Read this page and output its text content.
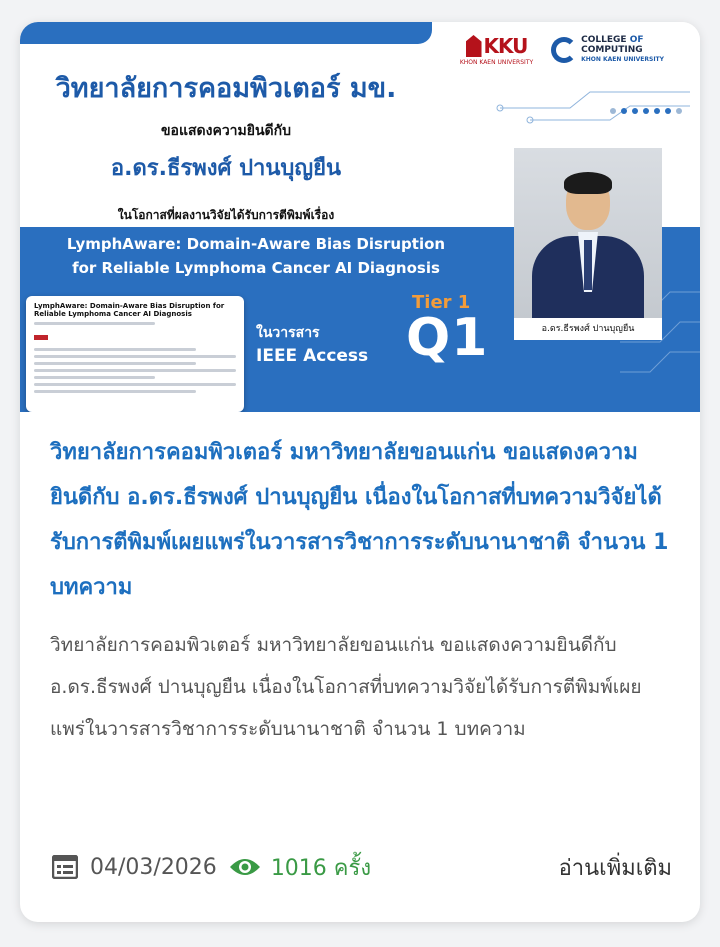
KKU
KHON KAEN UNIVERSITY
COLLEGE OF
COMPUTING
KHON KAEN UNIVERSITY
วิทยาลัยการคอมพิวเตอร์ มข.
ขอแสดงความยินดีกับ
อ.ดร.ธีรพงศ์ ปานบุญยืน
ในโอกาสที่ผลงานวิจัยได้รับการตีพิมพ์เรื่อง
LymphAware: Domain-Aware Bias Disruption
for Reliable Lymphoma Cancer AI Diagnosis
อ.ดร.ธีรพงศ์ ปานบุญยืน
LymphAware: Domain-Aware Bias Disruption for Reliable Lymphoma Cancer AI Diagnosis
ในวารสาร
IEEE Access
Tier 1
Q1
วิทยาลัยการคอมพิวเตอร์ มหาวิทยาลัยขอนแก่น ขอแสดงความยินดีกับ อ.ดร.ธีรพงศ์ ปานบุญยืน เนื่องในโอกาสที่บทความวิจัยได้รับการตีพิมพ์เผยแพร่ในวารสารวิชาการระดับนานาชาติ จำนวน 1 บทความ
วิทยาลัยการคอมพิวเตอร์ มหาวิทยาลัยขอนแก่น ขอแสดงความยินดีกับ อ.ดร.ธีรพงศ์ ปานบุญยืน เนื่องในโอกาสที่บทความวิจัยได้รับการตีพิมพ์เผยแพร่ในวารสารวิชาการระดับนานาชาติ จำนวน 1 บทความ
04/03/2026 1016 ครั้ง	อ่านเพิ่มเติม
